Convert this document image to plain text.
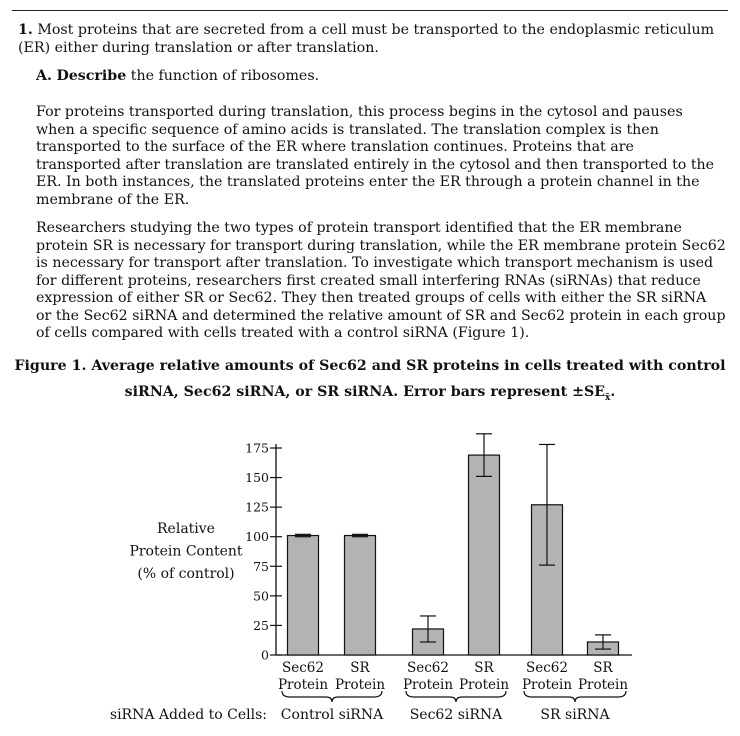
1. Most proteins that are secreted from a cell must be transported to the endoplasmic reticulum (ER) either during translation or after translation.
A. Describe the function of ribosomes.
For proteins transported during translation, this process begins in the cytosol and pauses when a specific sequence of amino acids is translated. The translation complex is then transported to the surface of the ER where translation continues. Proteins that are transported after translation are translated entirely in the cytosol and then transported to the ER. In both instances, the translated proteins enter the ER through a protein channel in the membrane of the ER.
Researchers studying the two types of protein transport identified that the ER membrane protein SR is necessary for transport during translation, while the ER membrane protein Sec62 is necessary for transport after translation. To investigate which transport mechanism is used for different proteins, researchers first created small interfering RNAs (siRNAs) that reduce expression of either SR or Sec62. They then treated groups of cells with either the SR siRNA or the Sec62 siRNA and determined the relative amount of SR and Sec62 protein in each group of cells compared with cells treated with a control siRNA (Figure 1).
Figure 1. Average relative amounts of Sec62 and SR proteins in cells treated with control
siRNA, Sec62 siRNA, or SR siRNA. Error bars represent $\pm SE_{x̄}$.
0
25
50
75
100
125
150
175
Relative
Protein Content
(% of control)
Sec62
Protein
SR
Protein
Sec62
Protein
SR
Protein
Sec62
Protein
SR
Protein
Control siRNA Sec62 siRNA	SR siRNA
siRNA Added to Cells:
